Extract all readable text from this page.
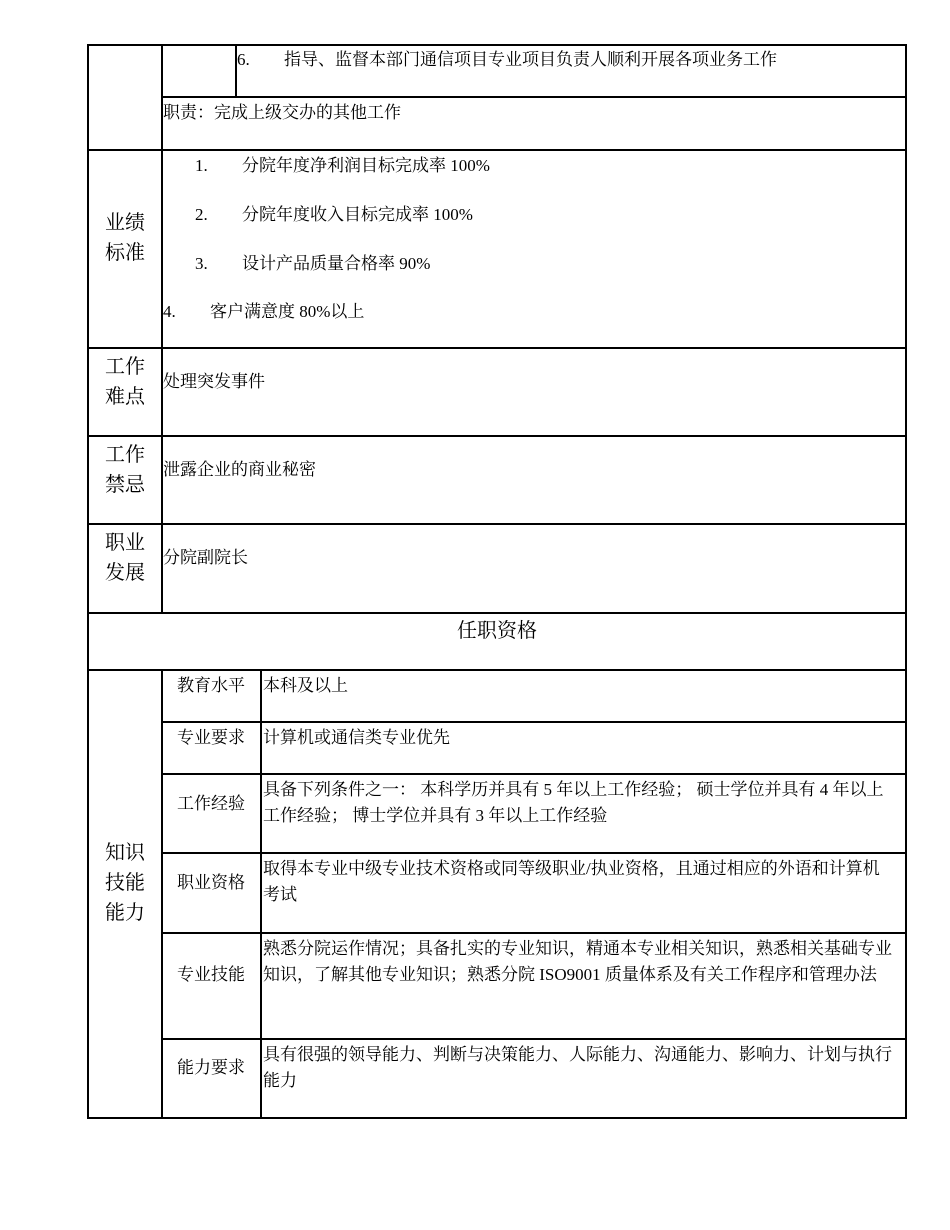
6. 指导、监督本部门通信项目专业项目负责人顺利开展各项业务工作
职责：完成上级交办的其他工作
业绩
标准
1. 分院年度净利润目标完成率 100%
2. 分院年度收入目标完成率 100%
3. 设计产品质量合格率 90%
4. 客户满意度 80%以上
工作
难点
处理突发事件
工作
禁忌
泄露企业的商业秘密
职业
发展
分院副院长
任职资格
知识
技能
能力
教育水平	本科及以上
专业要求	计算机或通信类专业优先
工作经验
具备下列条件之一： 本科学历并具有 5 年以上工作经验； 硕士学位并具有 4 年以上工作经验； 博士学位并具有 3 年以上工作经验
职业资格
取得本专业中级专业技术资格或同等级职业/执业资格，且通过相应的外语和计算机考试
专业技能
熟悉分院运作情况；具备扎实的专业知识，精通本专业相关知识，熟悉相关基础专业知识，了解其他专业知识；熟悉分院 ISO9001 质量体系及有关工作程序和管理办法
能力要求
具有很强的领导能力、判断与决策能力、人际能力、沟通能力、影响力、计划与执行能力
